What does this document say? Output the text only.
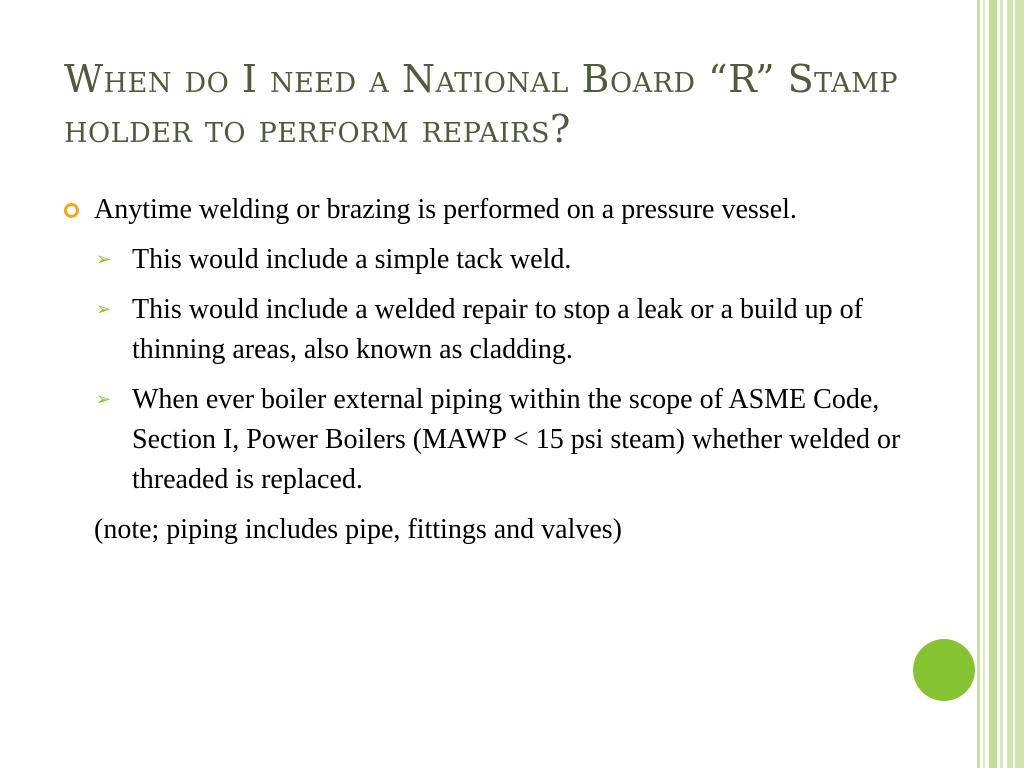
When do I need a National Board “R” Stamp holder to perform repairs?
Anytime welding or brazing is performed on a pressure vessel.
➢ This would include a simple tack weld.
➢ This would include a welded repair to stop a leak or a build up of thinning areas, also known as cladding.
➢ When ever boiler external piping within the scope of ASME Code, Section I, Power Boilers (MAWP < 15 psi steam) whether welded or threaded is replaced.
(note; piping includes pipe, fittings and valves)
